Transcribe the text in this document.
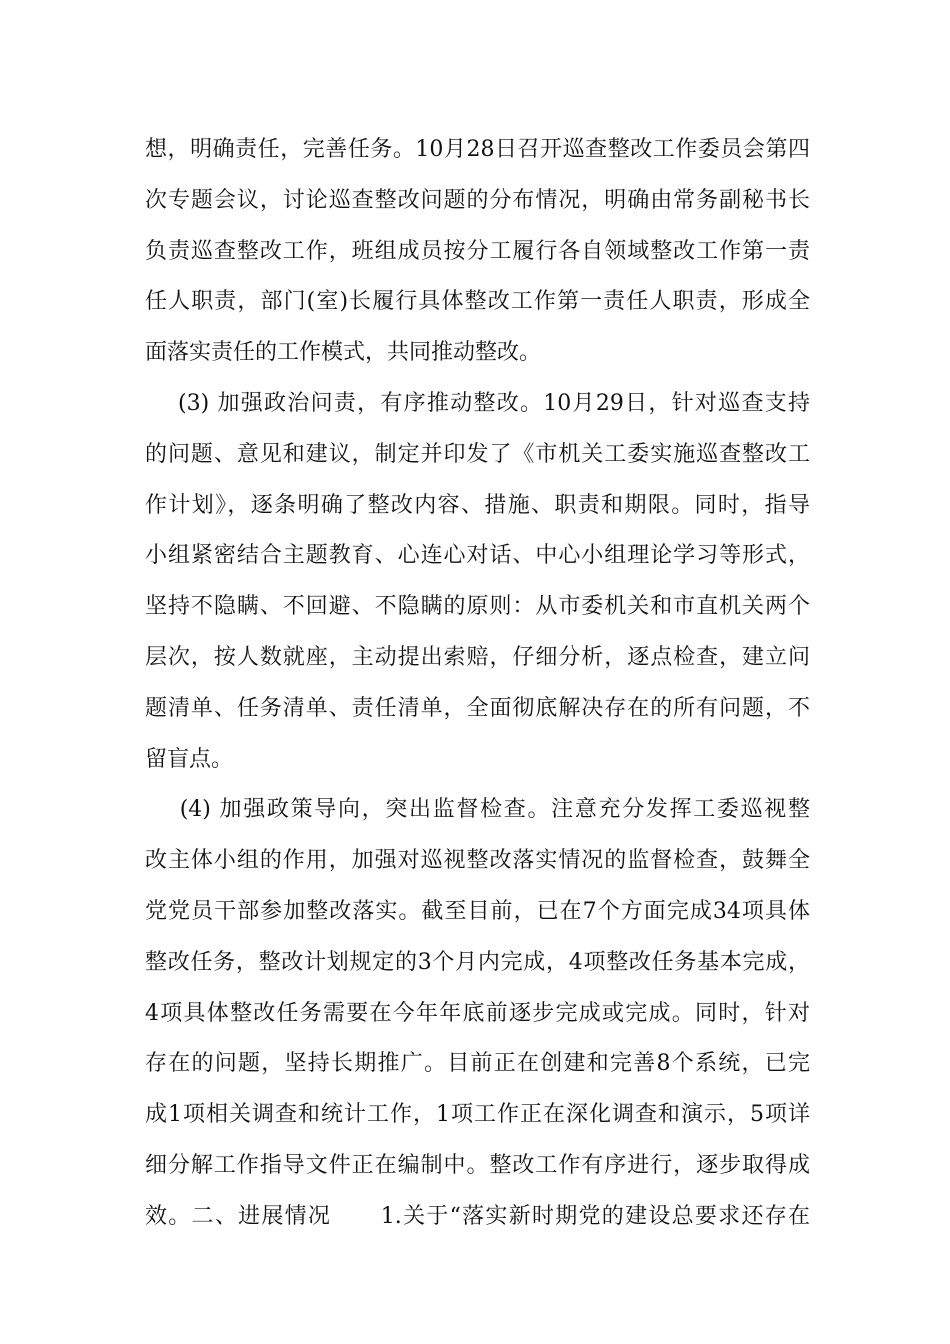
想，明确责任，完善任务。10月28日召开巡查整改工作委员会第四
次专题会议，讨论巡查整改问题的分布情况，明确由常务副秘书长
负责巡查整改工作，班组成员按分工履行各自领域整改工作第一责
任人职责，部门(室)长履行具体整改工作第一责任人职责，形成全
面落实责任的工作模式，共同推动整改。
(3) 加强政治问责，有序推动整改。10月29日，针对巡查支持
的问题、意见和建议，制定并印发了《市机关工委实施巡查整改工
作计划》，逐条明确了整改内容、措施、职责和期限。同时，指导
小组紧密结合主题教育、心连心对话、中心小组理论学习等形式，
坚持不隐瞒、不回避、不隐瞒的原则：从市委机关和市直机关两个
层次，按人数就座，主动提出索赔，仔细分析，逐点检查，建立问
题清单、任务清单、责任清单，全面彻底解决存在的所有问题，不
留盲点。
(4) 加强政策导向，突出监督检查。注意充分发挥工委巡视整
改主体小组的作用，加强对巡视整改落实情况的监督检查，鼓舞全
党党员干部参加整改落实。截至目前，已在7个方面完成34项具体
整改任务，整改计划规定的3个月内完成，4项整改任务基本完成，
4项具体整改任务需要在今年年底前逐步完成或完成。同时，针对
存在的问题，坚持长期推广。目前正在创建和完善8个系统，已完
成1项相关调查和统计工作，1项工作正在深化调查和演示，5项详
细分解工作指导文件正在编制中。整改工作有序进行，逐步取得成
效。二、进展情况      1.关于“落实新时期党的建设总要求还存在
